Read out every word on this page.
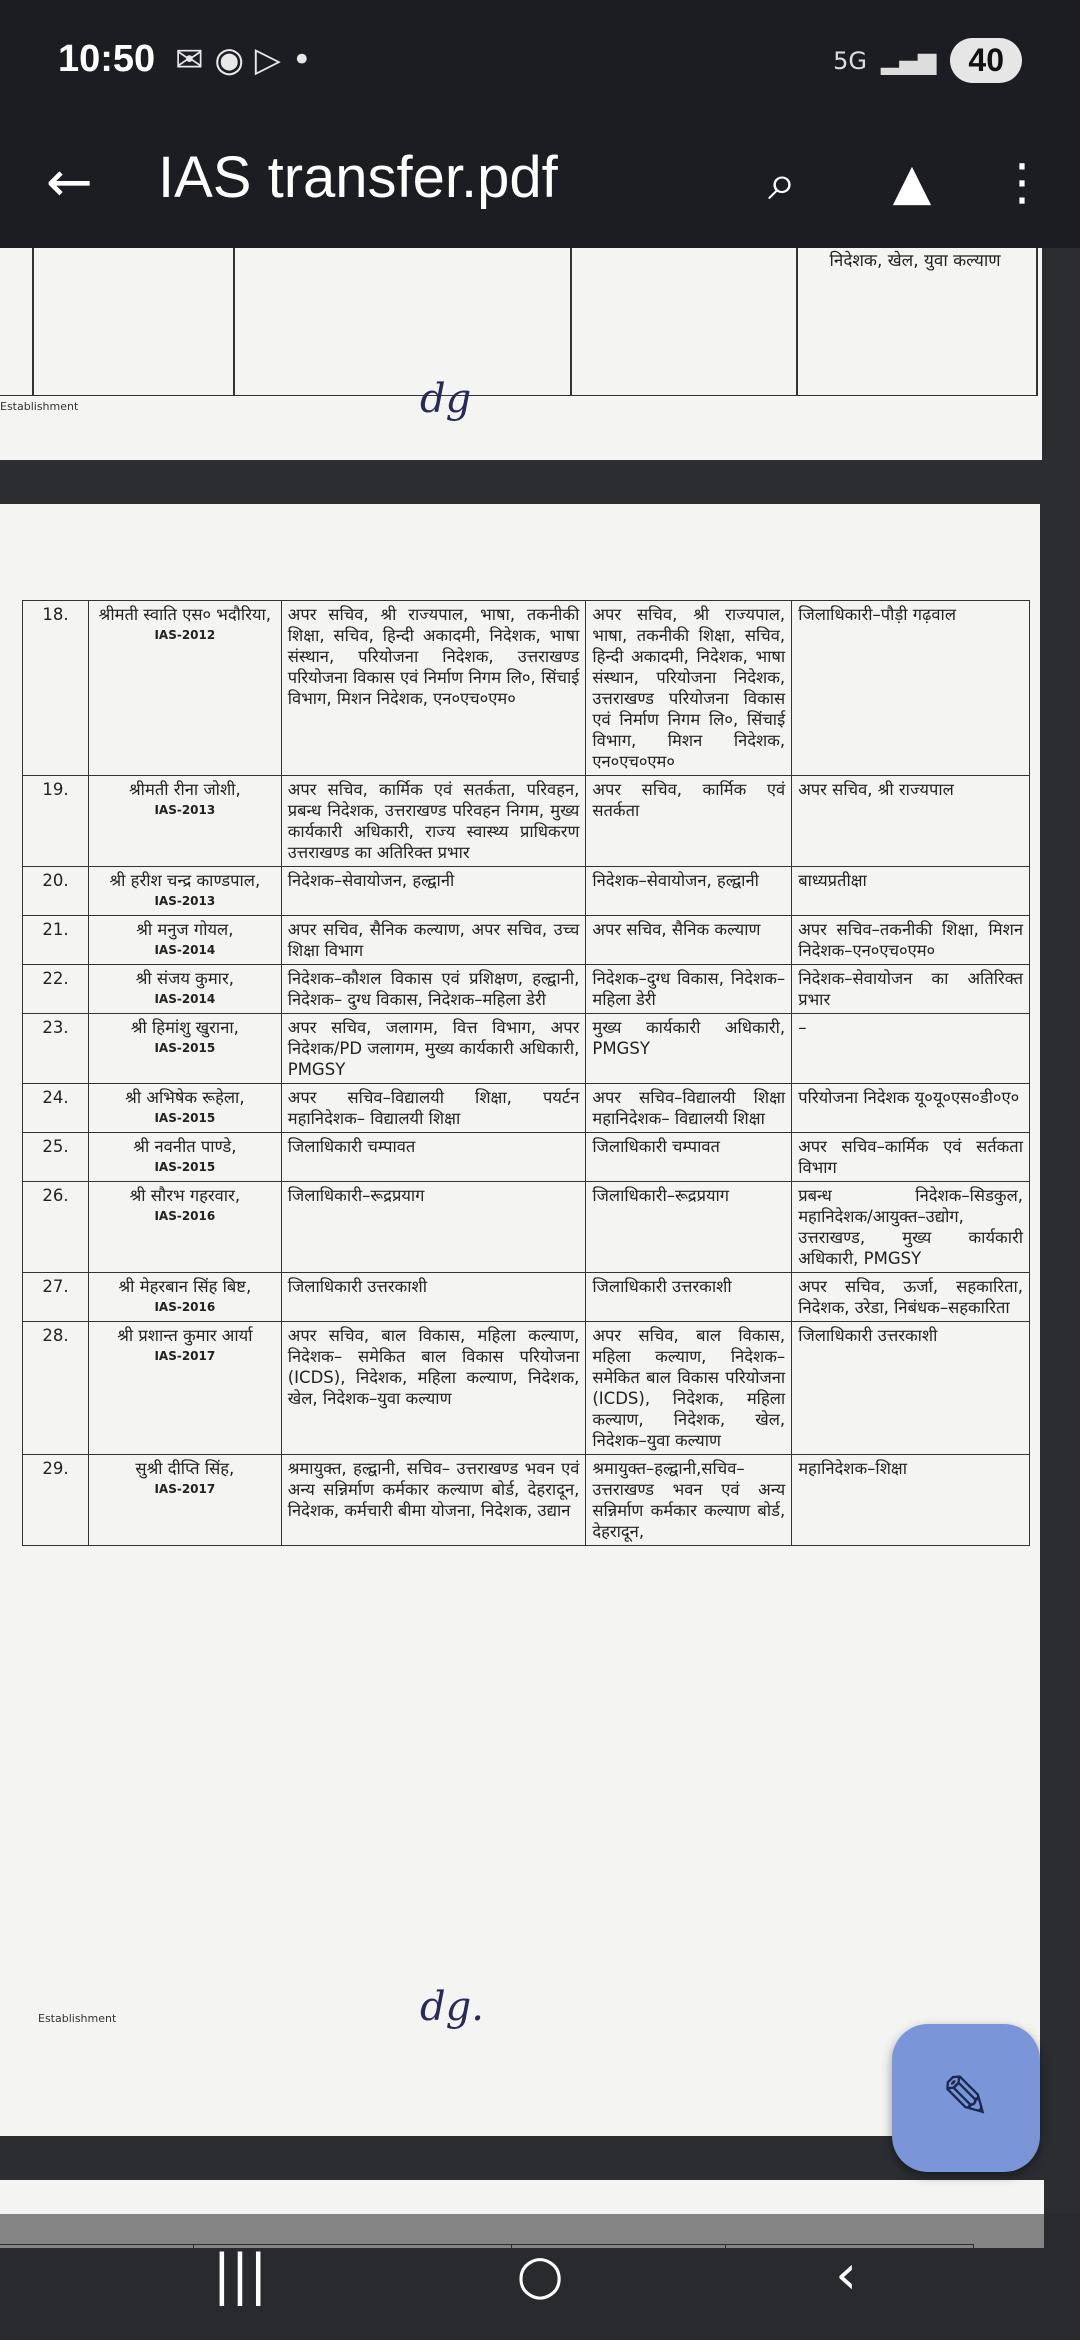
10:50 ✉ ◉ ▷ •	5G ▂▄▆	40
← IAS transfer.pdf	⌕	▲	⋮
निदेशक, खेल, युवा कल्याण
Establishment	dg
18.	श्रीमती स्वाति एस० भदौरिया,
IAS-2012	अपर सचिव, श्री राज्यपाल, भाषा, तकनीकी शिक्षा, सचिव, हिन्दी अकादमी, निदेशक, भाषा संस्थान, परियोजना निदेशक, उत्तराखण्ड परियोजना विकास एवं निर्माण निगम लि०, सिंचाई विभाग, मिशन निदेशक, एन०एच०एम०	अपर सचिव, श्री राज्यपाल, भाषा, तकनीकी शिक्षा, सचिव, हिन्दी अकादमी, निदेशक, भाषा संस्थान, परियोजना निदेशक, उत्तराखण्ड परियोजना विकास एवं निर्माण निगम लि०, सिंचाई विभाग, मिशन निदेशक, एन०एच०एम०	जिलाधिकारी–पौड़ी गढ़वाल
19.	श्रीमती रीना जोशी,
IAS-2013	अपर सचिव, कार्मिक एवं सतर्कता, परिवहन, प्रबन्ध निदेशक, उत्तराखण्ड परिवहन निगम, मुख्य कार्यकारी अधिकारी, राज्य स्वास्थ्य प्राधिकरण उत्तराखण्ड का अतिरिक्त प्रभार	अपर सचिव, कार्मिक एवं सतर्कता	अपर सचिव, श्री राज्यपाल
20.	श्री हरीश चन्द्र काण्डपाल,
IAS-2013	निदेशक–सेवायोजन, हल्द्वानी	निदेशक–सेवायोजन, हल्द्वानी	बाध्यप्रतीक्षा
21.	श्री मनुज गोयल,
IAS-2014	अपर सचिव, सैनिक कल्याण, अपर सचिव, उच्च शिक्षा विभाग	अपर सचिव, सैनिक कल्याण	अपर सचिव–तकनीकी शिक्षा, मिशन निदेशक–एन०एच०एम०
22.	श्री संजय कुमार,
IAS-2014	निदेशक–कौशल विकास एवं प्रशिक्षण, हल्द्वानी, निदेशक– दुग्ध विकास, निदेशक–महिला डेरी	निदेशक–दुग्ध विकास, निदेशक–महिला डेरी	निदेशक–सेवायोजन का अतिरिक्त प्रभार
23.	श्री हिमांशु खुराना,
IAS-2015	अपर सचिव, जलागम, वित्त विभाग, अपर निदेशक/PD जलागम, मुख्य कार्यकारी अधिकारी, PMGSY	मुख्य कार्यकारी अधिकारी, PMGSY	–
24.	श्री अभिषेक रूहेला,
IAS-2015	अपर सचिव–विद्यालयी शिक्षा, पयर्टन महानिदेशक– विद्यालयी शिक्षा	अपर सचिव–विद्यालयी शिक्षा महानिदेशक– विद्यालयी शिक्षा	परियोजना निदेशक यू०यू०एस०डी०ए०
25.	श्री नवनीत पाण्डे,
IAS-2015	जिलाधिकारी चम्पावत	जिलाधिकारी चम्पावत	अपर सचिव–कार्मिक एवं सर्तकता विभाग
26.	श्री सौरभ गहरवार,
IAS-2016	जिलाधिकारी–रूद्रप्रयाग	जिलाधिकारी–रूद्रप्रयाग	प्रबन्ध निदेशक–सिडकुल, महानिदेशक/आयुक्त–उद्योग, उत्तराखण्ड, मुख्य कार्यकारी अधिकारी, PMGSY
27.	श्री मेहरबान सिंह बिष्ट,
IAS-2016	जिलाधिकारी उत्तरकाशी	जिलाधिकारी उत्तरकाशी	अपर सचिव, ऊर्जा, सहकारिता, निदेशक, उरेडा, निबंधक–सहकारिता
28.	श्री प्रशान्त कुमार आर्या
IAS-2017	अपर सचिव, बाल विकास, महिला कल्याण, निदेशक– समेकित बाल विकास परियोजना (ICDS), निदेशक, महिला कल्याण, निदेशक, खेल, निदेशक–युवा कल्याण	अपर सचिव, बाल विकास, महिला कल्याण, निदेशक–समेकित बाल विकास परियोजना (ICDS), निदेशक, महिला कल्याण, निदेशक, खेल, निदेशक–युवा कल्याण	जिलाधिकारी उत्तरकाशी
29.	सुश्री दीप्ति सिंह,
IAS-2017	श्रमायुक्त, हल्द्वानी, सचिव– उत्तराखण्ड भवन एवं अन्य सन्निर्माण कर्मकार कल्याण बोर्ड, देहरादून, निदेशक, कर्मचारी बीमा योजना, निदेशक, उद्यान	श्रमायुक्त–हल्द्वानी,सचिव– उत्तराखण्ड भवन एवं अन्य सन्निर्माण कर्मकार कल्याण बोर्ड, देहरादून,	महानिदेशक–शिक्षा
Establishment	dg.

✎
|||	○	‹
